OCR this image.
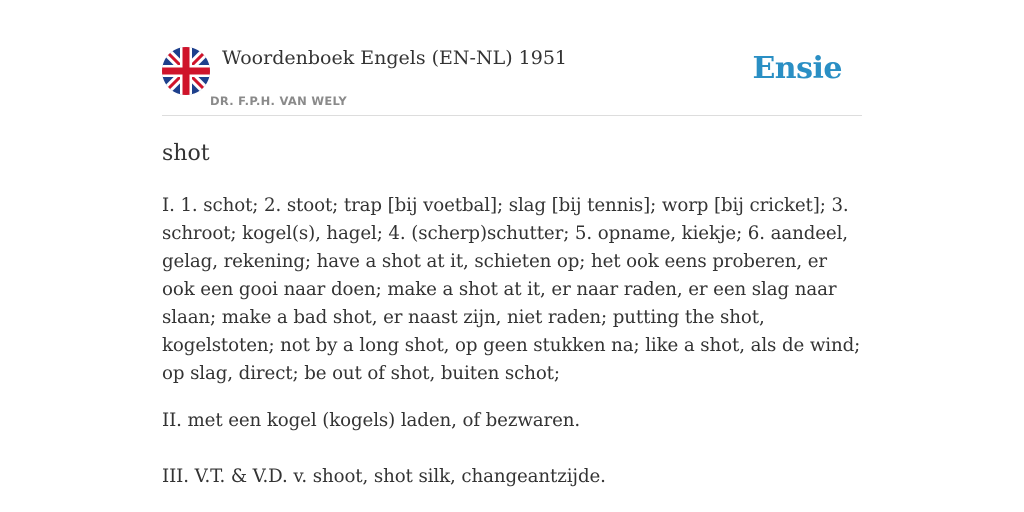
Woordenboek Engels (EN-NL) 1951
DR. F.P.H. VAN WELY
Ensie
shot

I. 1. schot; 2. stoot; trap [bij voetbal]; slag [bij tennis]; worp [bij cricket]; 3. schroot; kogel(s), hagel; 4. (scherp)schutter; 5. opname, kiekje; 6. aandeel, gelag, rekening; have a shot at it, schieten op; het ook eens proberen, er ook een gooi naar doen; make a shot at it, er naar raden, er een slag naar slaan; make a bad shot, er naast zijn, niet raden; putting the shot, kogelstoten; not by a long shot, op geen stukken na; like a shot, als de wind; op slag, direct; be out of shot, buiten schot;

II. met een kogel (kogels) laden, of bezwaren.

III. V.T. & V.D. v. shoot, shot silk, changeantzijde.
